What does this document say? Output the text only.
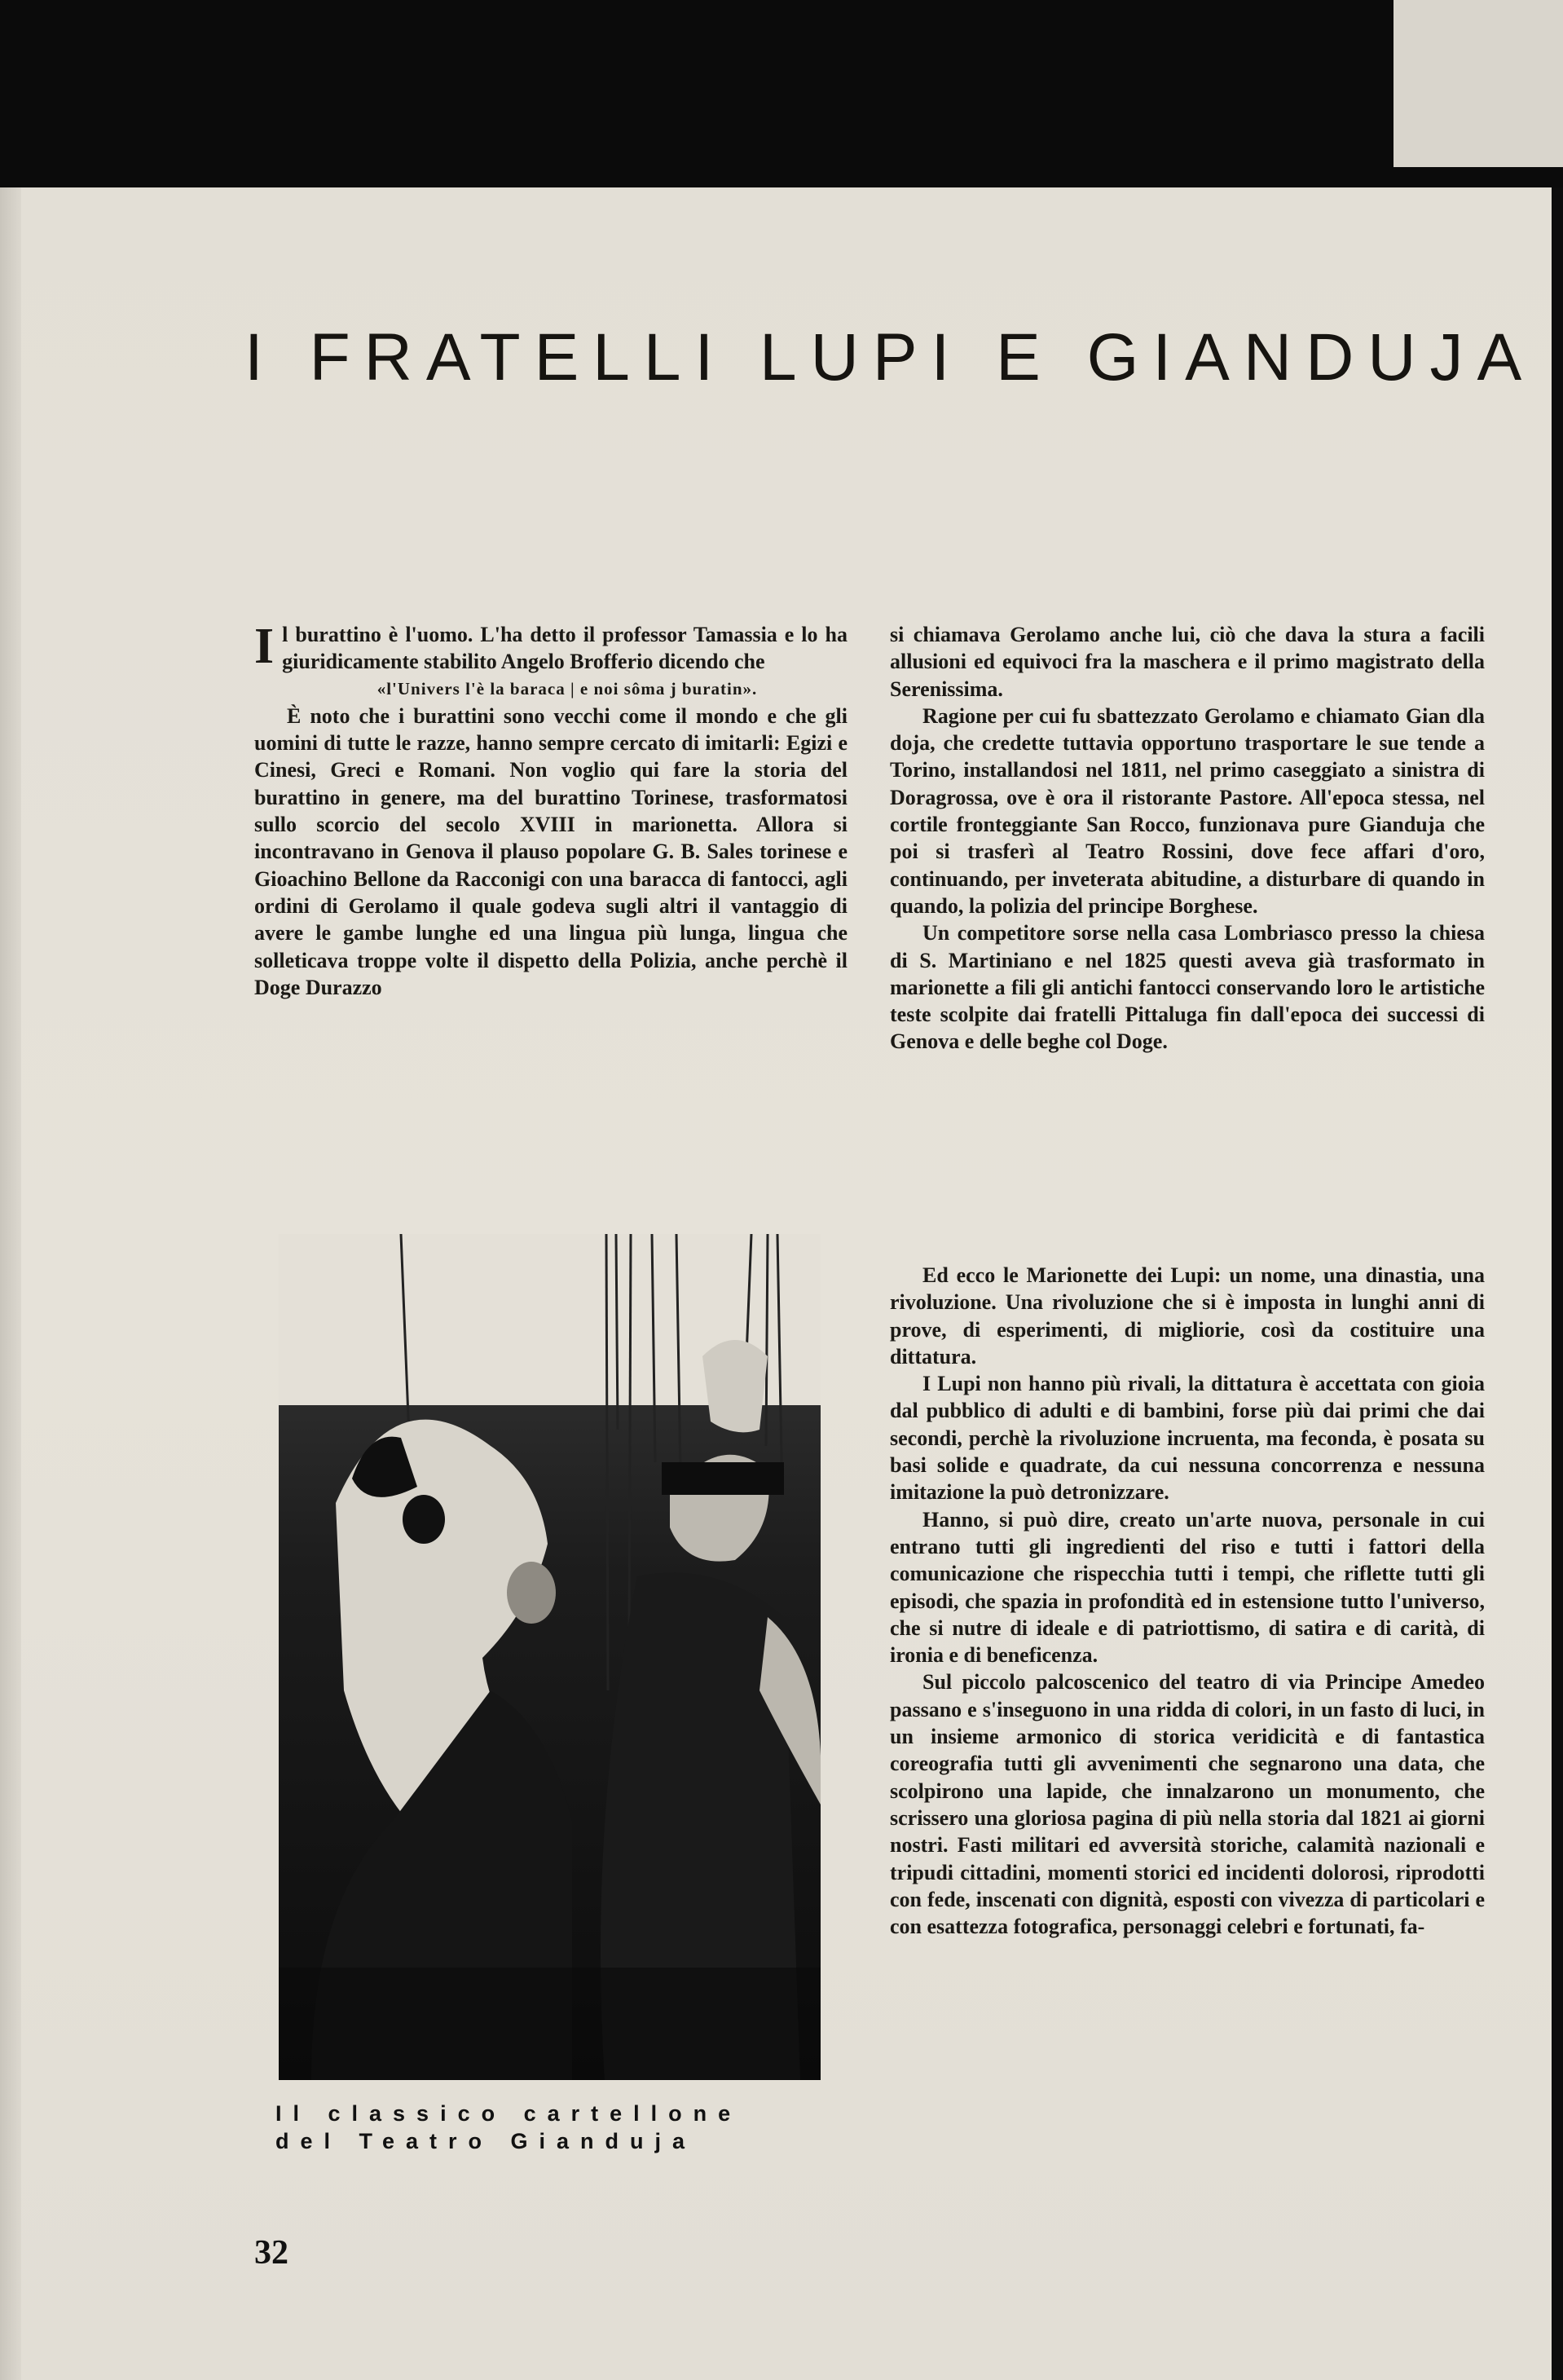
I FRATELLI LUPI E GIANDUJA

Il burattino è l'uomo. L'ha detto il professor Tamassia e lo ha giuridicamente stabilito Angelo Brofferio dicendo che

«l'Univers l'è la baraca | e noi sôma j buratin».

È noto che i burattini sono vecchi come il mondo e che gli uomini di tutte le razze, hanno sempre cercato di imitarli: Egizi e Cinesi, Greci e Romani. Non voglio qui fare la storia del burattino in genere, ma del burattino Torinese, trasformatosi sullo scorcio del secolo XVIII in marionetta. Allora si incontravano in Genova il plauso popolare G. B. Sales torinese e Gioachino Bellone da Racconigi con una baracca di fantocci, agli ordini di Gerolamo il quale godeva sugli altri il vantaggio di avere le gambe lunghe ed una lingua più lunga, lingua che solleticava troppe volte il dispetto della Polizia, anche perchè il Doge Durazzo

si chiamava Gerolamo anche lui, ciò che dava la stura a facili allusioni ed equivoci fra la maschera e il primo magistrato della Serenissima.

Ragione per cui fu sbattezzato Gerolamo e chiamato Gian dla doja, che credette tuttavia opportuno trasportare le sue tende a Torino, installandosi nel 1811, nel primo caseggiato a sinistra di Doragrossa, ove è ora il ristorante Pastore. All'epoca stessa, nel cortile fronteggiante San Rocco, funzionava pure Gianduja che poi si trasferì al Teatro Rossini, dove fece affari d'oro, continuando, per inveterata abitudine, a disturbare di quando in quando, la polizia del principe Borghese.

Un competitore sorse nella casa Lombriasco presso la chiesa di S. Martiniano e nel 1825 questi aveva già trasformato in marionette a fili gli antichi fantocci conservando loro le artistiche teste scolpite dai fratelli Pittaluga fin dall'epoca dei successi di Genova e delle beghe col Doge.

Il classico cartellone
del Teatro Gianduja

Ed ecco le Marionette dei Lupi: un nome, una dinastia, una rivoluzione. Una rivoluzione che si è imposta in lunghi anni di prove, di esperimenti, di migliorie, così da costituire una dittatura.

I Lupi non hanno più rivali, la dittatura è accettata con gioia dal pubblico di adulti e di bambini, forse più dai primi che dai secondi, perchè la rivoluzione incruenta, ma feconda, è posata su basi solide e quadrate, da cui nessuna concorrenza e nessuna imitazione la può detronizzare.

Hanno, si può dire, creato un'arte nuova, personale in cui entrano tutti gli ingredienti del riso e tutti i fattori della comunicazione che rispecchia tutti i tempi, che riflette tutti gli episodi, che spazia in profondità ed in estensione tutto l'universo, che si nutre di ideale e di patriottismo, di satira e di carità, di ironia e di beneficenza.

Sul piccolo palcoscenico del teatro di via Principe Amedeo passano e s'inseguono in una ridda di colori, in un fasto di luci, in un insieme armonico di storica veridicità e di fantastica coreografia tutti gli avvenimenti che segnarono una data, che scolpirono una lapide, che innalzarono un monumento, che scrissero una gloriosa pagina di più nella storia dal 1821 ai giorni nostri. Fasti militari ed avversità storiche, calamità nazionali e tripudi cittadini, momenti storici ed incidenti dolorosi, riprodotti con fede, inscenati con dignità, esposti con vivezza di particolari e con esattezza fotografica, personaggi celebri e fortunati, fa-

32
